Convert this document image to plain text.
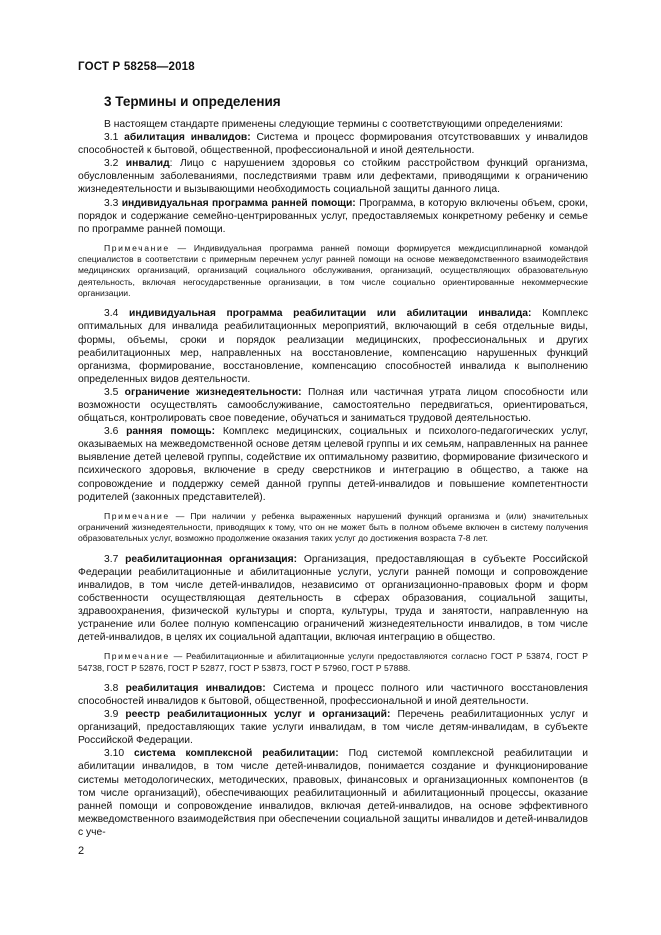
ГОСТ Р 58258—2018
3 Термины и определения

В настоящем стандарте применены следующие термины с соответствующими определениями:

3.1 абилитация инвалидов: Система и процесс формирования отсутствовавших у инвалидов способностей к бытовой, общественной, профессиональной и иной деятельности.

3.2 инвалид: Лицо с нарушением здоровья со стойким расстройством функций организма, обусловленным заболеваниями, последствиями травм или дефектами, приводящими к ограничению жизнедеятельности и вызывающими необходимость социальной защиты данного лица.

3.3 индивидуальная программа ранней помощи: Программа, в которую включены объем, сроки, порядок и содержание семейно-центрированных услуг, предоставляемых конкретному ребенку и семье по программе ранней помощи.

Примечание — Индивидуальная программа ранней помощи формируется междисциплинарной командой специалистов в соответствии с примерным перечнем услуг ранней помощи на основе межведомственного взаимодействия медицинских организаций, организаций социального обслуживания, организаций, осуществляющих образовательную деятельность, включая негосударственные организации, в том числе социально ориентированные некоммерческие организации.

3.4 индивидуальная программа реабилитации или абилитации инвалида: Комплекс оптимальных для инвалида реабилитационных мероприятий, включающий в себя отдельные виды, формы, объемы, сроки и порядок реализации медицинских, профессиональных и других реабилитационных мер, направленных на восстановление, компенсацию нарушенных функций организма, формирование, восстановление, компенсацию способностей инвалида к выполнению определенных видов деятельности.

3.5 ограничение жизнедеятельности: Полная или частичная утрата лицом способности или возможности осуществлять самообслуживание, самостоятельно передвигаться, ориентироваться, общаться, контролировать свое поведение, обучаться и заниматься трудовой деятельностью.

3.6 ранняя помощь: Комплекс медицинских, социальных и психолого-педагогических услуг, оказываемых на межведомственной основе детям целевой группы и их семьям, направленных на раннее выявление детей целевой группы, содействие их оптимальному развитию, формирование физического и психического здоровья, включение в среду сверстников и интеграцию в общество, а также на сопровождение и поддержку семей данной группы детей-инвалидов и повышение компетентности родителей (законных представителей).

Примечание — При наличии у ребенка выраженных нарушений функций организма и (или) значительных ограничений жизнедеятельности, приводящих к тому, что он не может быть в полном объеме включен в систему получения образовательных услуг, возможно продолжение оказания таких услуг до достижения возраста 7-8 лет.

3.7 реабилитационная организация: Организация, предоставляющая в субъекте Российской Федерации реабилитационные и абилитационные услуги, услуги ранней помощи и сопровождение инвалидов, в том числе детей-инвалидов, независимо от организационно-правовых форм и форм собственности осуществляющая деятельность в сферах образования, социальной защиты, здравоохранения, физической культуры и спорта, культуры, труда и занятости, направленную на устранение или более полную компенсацию ограничений жизнедеятельности инвалидов, в том числе детей-инвалидов, в целях их социальной адаптации, включая интеграцию в общество.

Примечание — Реабилитационные и абилитационные услуги предоставляются согласно ГОСТ Р 53874, ГОСТ Р 54738, ГОСТ Р 52876, ГОСТ Р 52877, ГОСТ Р 53873, ГОСТ Р 57960, ГОСТ Р 57888.

3.8 реабилитация инвалидов: Система и процесс полного или частичного восстановления способностей инвалидов к бытовой, общественной, профессиональной и иной деятельности.

3.9 реестр реабилитационных услуг и организаций: Перечень реабилитационных услуг и организаций, предоставляющих такие услуги инвалидам, в том числе детям-инвалидам, в субъекте Российской Федерации.

3.10 система комплексной реабилитации: Под системой комплексной реабилитации и абилитации инвалидов, в том числе детей-инвалидов, понимается создание и функционирование системы методологических, методических, правовых, финансовых и организационных компонентов (в том числе организаций), обеспечивающих реабилитационный и абилитационный процессы, оказание ранней помощи и сопровождение инвалидов, включая детей-инвалидов, на основе эффективного межведомственного взаимодействия при обеспечении социальной защиты инвалидов и детей-инвалидов с уче-

2
